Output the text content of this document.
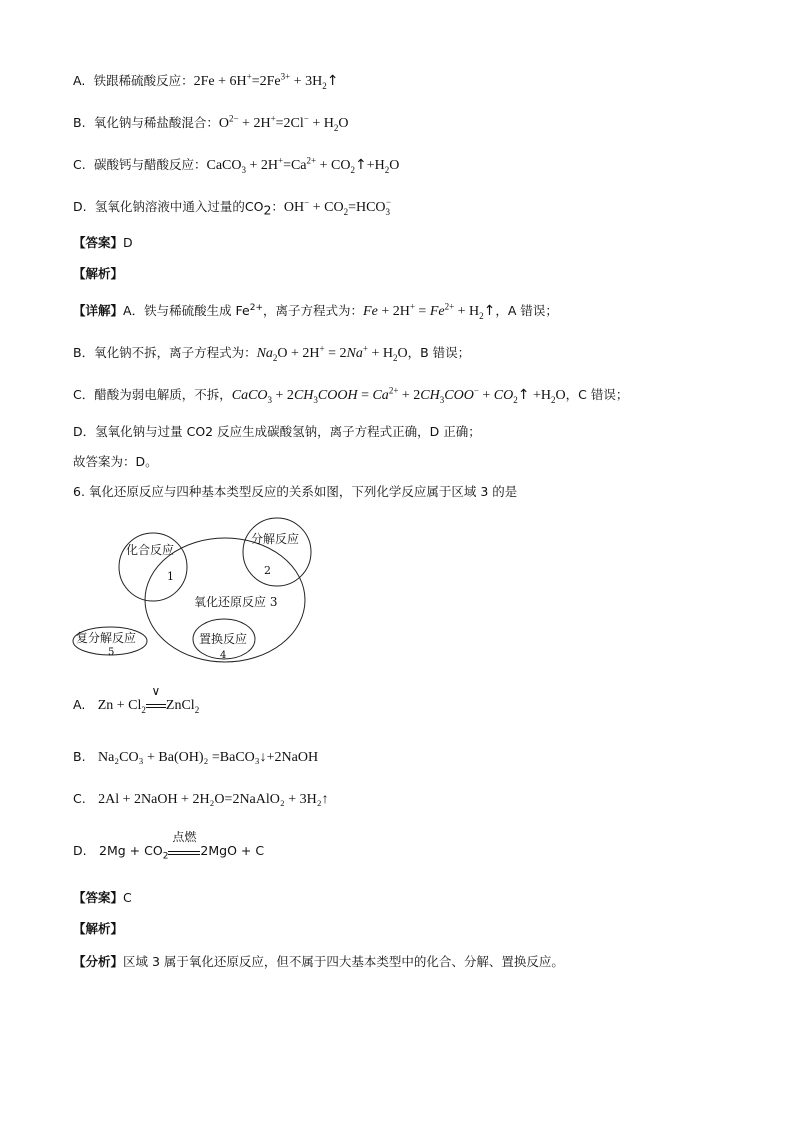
A. 铁跟稀硫酸反应：$2Fe + 6H^+=2Fe^{3+}$ + $3H_2↑$
B. 氧化钠与稀盐酸混合：$O^{2-} + 2H^+=2Cl^- + H_2O$
C. 碳酸钙与醋酸反应：CaCO$_3$ + $2H^+=Ca^{2+}$ + $CO_2↑+H_2O$
D. 氢氧化钠溶液中通入过量的$CO_2$：$OH^- + CO_2=HCO_3^-$
【答案】D
【解析】
【详解】A．铁与稀硫酸生成 $Fe^{2+}$，离子方程式为：$Fe + 2H^+ = Fe^{2+}$ + $H_2↑$，A 错误；
B．氧化钠不拆，离子方程式为：$Na_2O + 2H^+ = 2Na^+ + H_2O$，B 错误；
C．醋酸为弱电解质，不拆，CaCO$_3$ + $2CH_3COOH = Ca^{2+} + 2CH_3COO^-$ + $CO_2↑ +H_2O$，C 错误；
D．氢氧化钠与过量 CO2 反应生成碳酸氢钠，离子方程式正确，D 正确；
故答案为：D。
6. 氧化还原反应与四种基本类型反应的关系如图，下列化学反应属于区域 3 的是
化合反应
1
分解反应
2
氧化还原反应 3
复分解反应
5
置换反应
4
A. $Zn + Cl_2$
∨
ZnCl$_2$
B. Na₂CO₃ + Ba(OH)₂ =BaCO₃↓+2NaOH
C. 2Al + 2NaOH + 2H₂O=2NaAlO₂ + 3H₂↑
D. $2Mg + CO_2$
点燃
2MgO + C
【答案】C
【解析】
【分析】区域 3 属于氧化还原反应，但不属于四大基本类型中的化合、分解、置换反应。
